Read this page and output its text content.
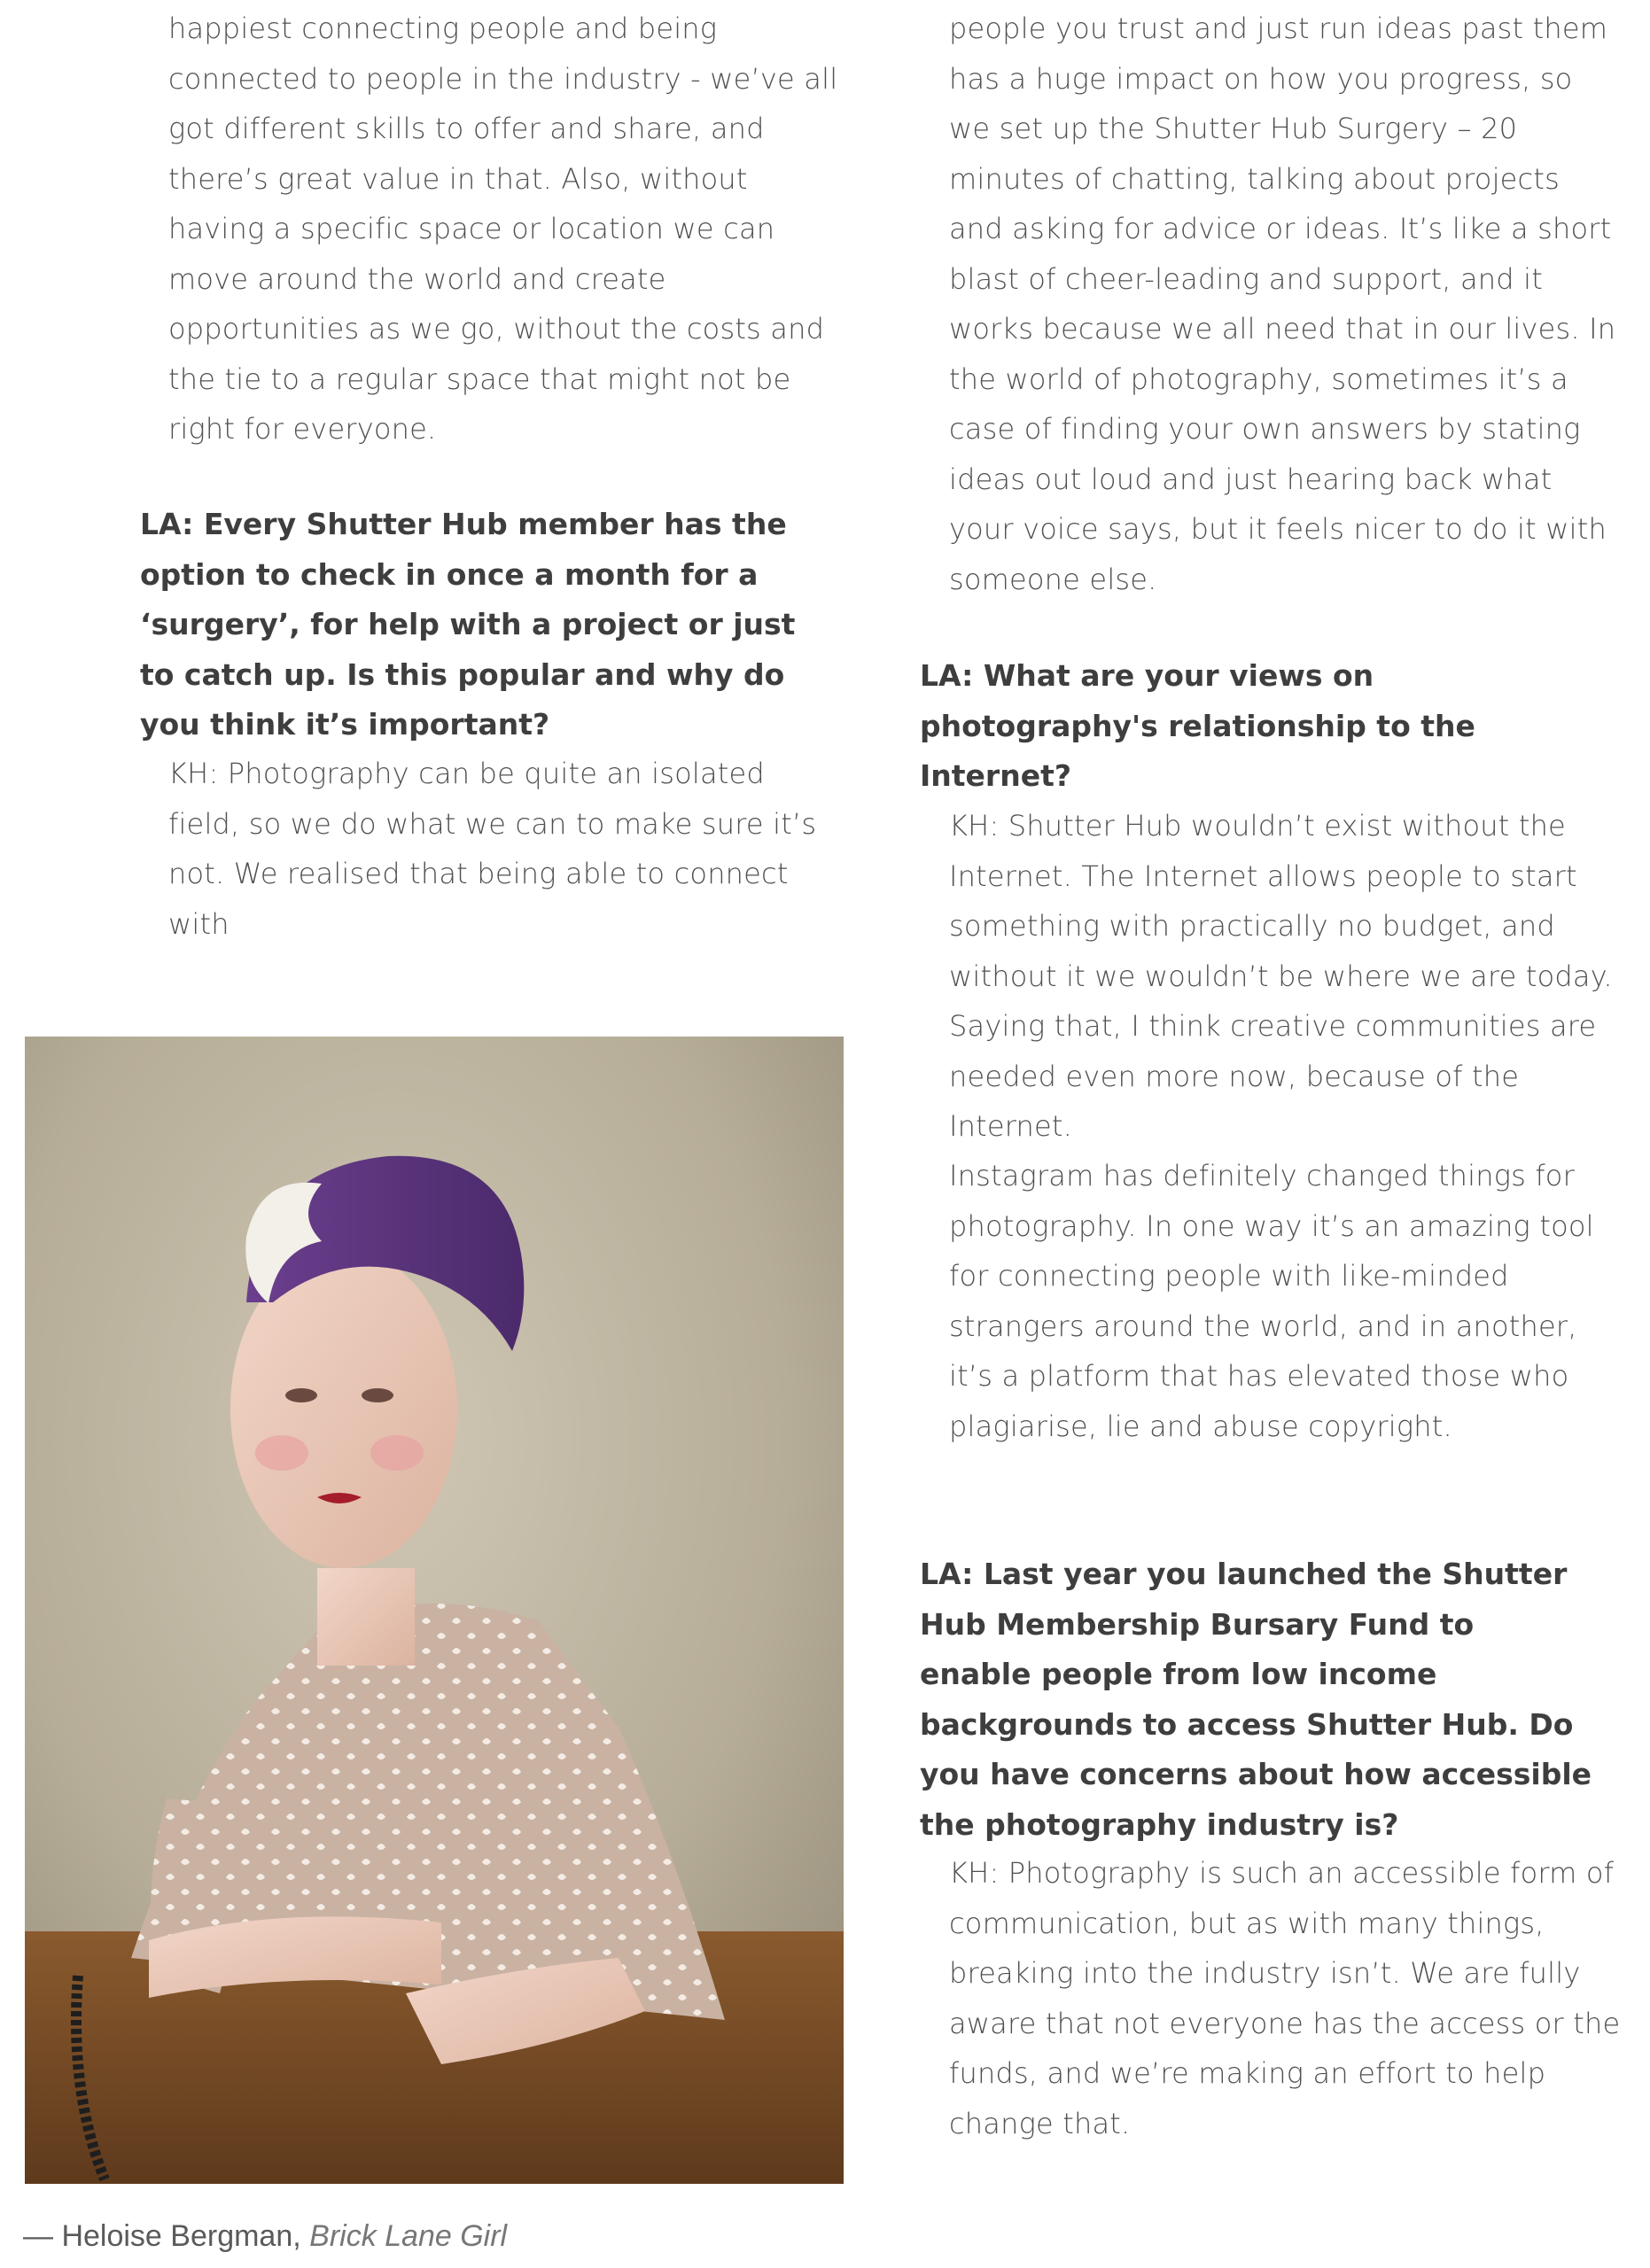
happiest connecting people and being connected to people in the industry - we’ve all got different skills to offer and share, and there’s great value in that. Also, without having a specific space or location we can move around the world and create opportunities as we go, without the costs and the tie to a regular space that might not be right for everyone.

LA: Every Shutter Hub member has the option to check in once a month for a ‘surgery’, for help with a project or just to catch up. Is this popular and why do you think it’s important?

KH: Photography can be quite an isolated field, so we do what we can to make sure it’s not. We realised that being able to connect with

— Heloise Bergman, Brick Lane Girl

people you trust and just run ideas past them has a huge impact on how you progress, so we set up the Shutter Hub Surgery – 20 minutes of chatting, talking about projects and asking for advice or ideas. It’s like a short blast of cheer-leading and support, and it works because we all need that in our lives. In the world of photography, sometimes it’s a case of finding your own answers by stating ideas out loud and just hearing back what your voice says, but it feels nicer to do it with someone else.

LA: What are your views on photography's relationship to the Internet?

KH: Shutter Hub wouldn’t exist without the Internet. The Internet allows people to start something with practically no budget, and without it we wouldn’t be where we are today. Saying that, I think creative communities are needed even more now, because of the Internet.

Instagram has definitely changed things for photography. In one way it’s an amazing tool for connecting people with like-minded strangers around the world, and in another, it’s a platform that has elevated those who plagiarise, lie and abuse copyright.

LA: Last year you launched the Shutter Hub Membership Bursary Fund to enable people from low income backgrounds to access Shutter Hub. Do you have concerns about how accessible the photography industry is?

KH: Photography is such an accessible form of communication, but as with many things, breaking into the industry isn’t. We are fully aware that not everyone has the access or the funds, and we’re making an effort to help change that.
